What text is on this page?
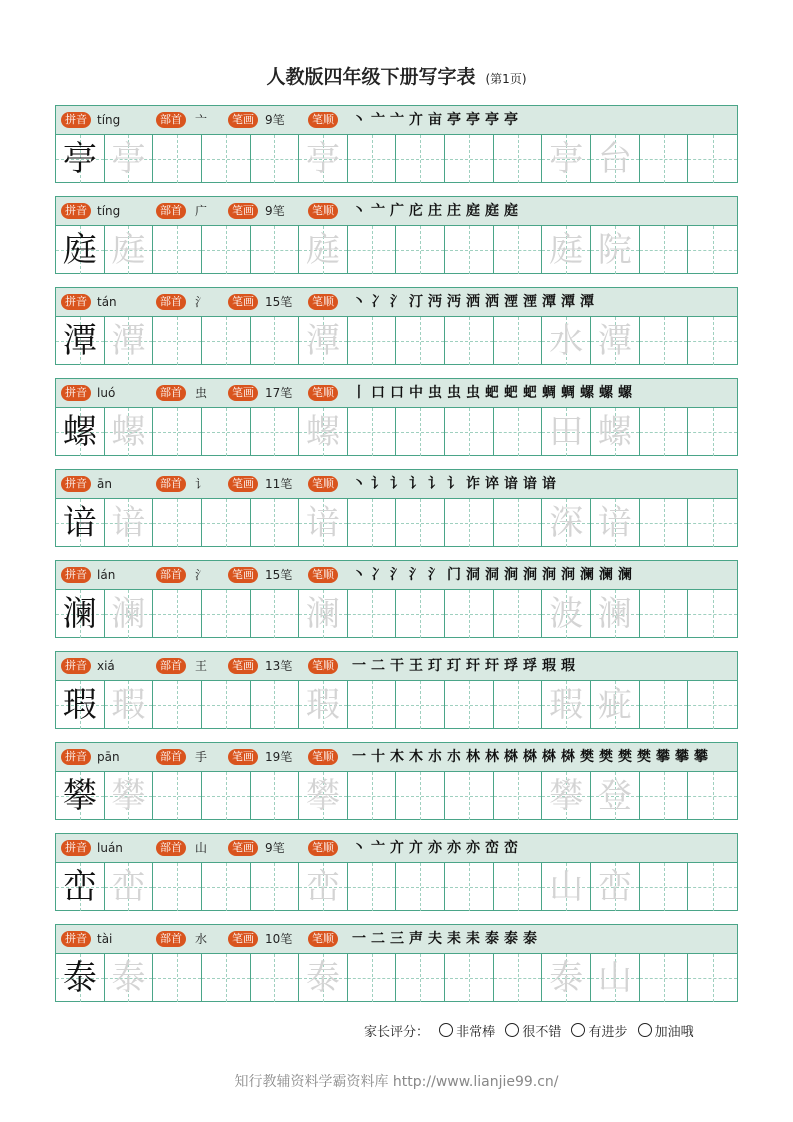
人教版四年级下册写字表 (第1页)
拼音 tíng	部首	亠	笔画 9笔	笔顺 丶 亠 亠 亣 亩 亭 亭 亭 亭
亭 亭	亭	亭 台
拼音 tíng	部首	广	笔画 9笔	笔顺 丶 亠 广 庀 庄 庄 庭 庭 庭
庭 庭	庭	庭 院
拼音 tán	部首	氵	笔画 15笔	笔顺 丶 冫 氵 汀 沔 沔 洒 洒 湮 湮 潭 潭 潭
潭 潭	潭	水 潭
拼音 luó	部首	虫	笔画 17笔	笔顺 丨 口 口 中 虫 虫 虫 蚆 蚆 蚆 蜩 蜩 螺 螺 螺
螺 螺	螺	田 螺
拼音 ān	部首	讠	笔画 11笔	笔顺 丶 讠 讠 讠 讠 讠 诈 谇 谙 谙 谙
谙 谙	谙	深 谙
拼音 lán	部首	氵	笔画 15笔	笔顺 丶 冫 氵 氵 氵 门 洞 洞 涧 涧 涧 涧 澜 澜 澜
澜 澜	澜	波 澜
拼音 xiá	部首	王	笔画 13笔	笔顺 一 二 干 王 玎 玎 玕 玕 琈 琈 瑕 瑕
瑕 瑕	瑕	瑕 疵
拼音 pān	部首	手	笔画 19笔	笔顺 一 十 木 木 朩 朩 林 林 棥 棥 棥 棥 樊 樊 樊 樊 攀 攀 攀
攀 攀	攀	攀 登
拼音 luán	部首	山	笔画 9笔	笔顺 丶 亠 亣 亣 亦 亦 亦 峦 峦
峦 峦	峦	山 峦
拼音 tài	部首	水	笔画 10笔	笔顺 一 二 三 声 夫 耒 耒 泰 泰 泰
泰 泰	泰	泰 山
家长评分： 非常棒 很不错 有进步 加油哦
知行教辅资料学霸资料库 http://www.lianjie99.cn/
